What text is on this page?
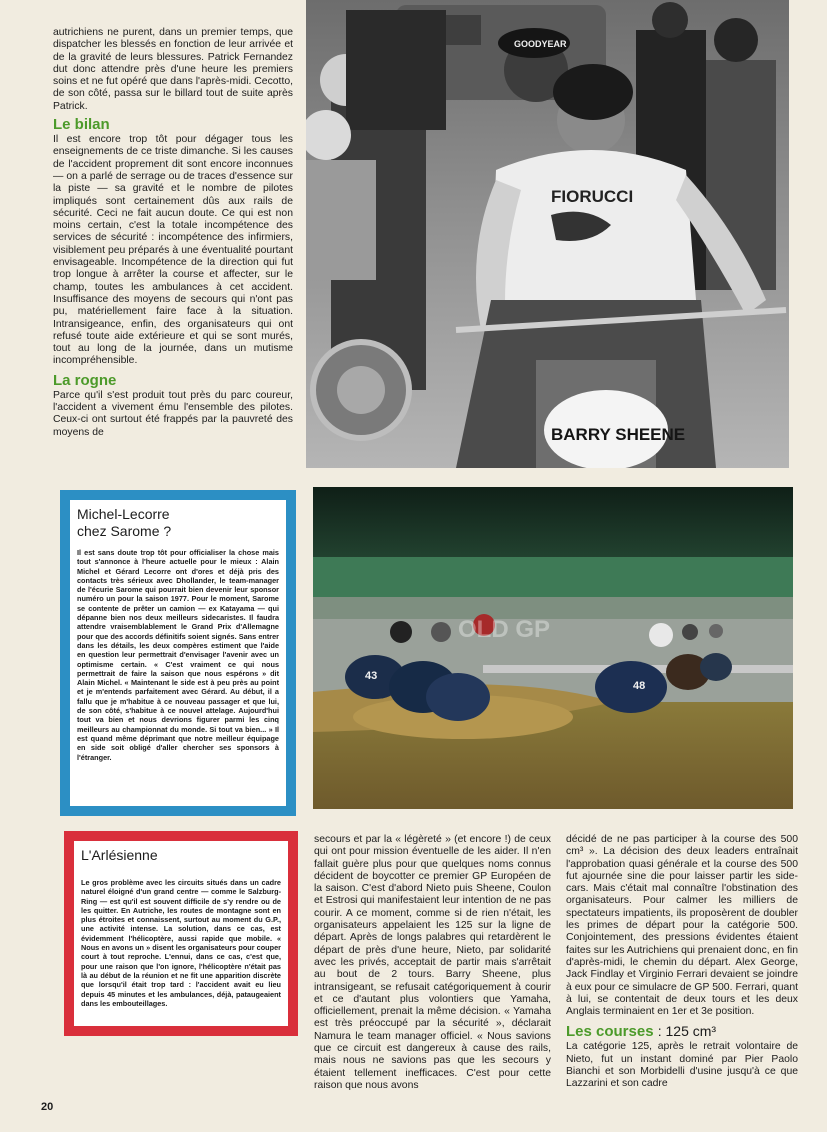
autrichiens ne purent, dans un premier temps, que dispatcher les blessés en fonction de leur arrivée et de la gravité de leurs blessures. Patrick Fernandez dut donc attendre près d'une heure les premiers soins et ne fut opéré que dans l'après-midi. Cecotto, de son côté, passa sur le billard tout de suite après Patrick.

Le bilan

Il est encore trop tôt pour dégager tous les enseignements de ce triste dimanche. Si les causes de l'accident proprement dit sont encore inconnues — on a parlé de serrage ou de traces d'essence sur la piste — sa gravité et le nombre de pilotes impliqués sont certainement dûs aux rails de sécurité. Ceci ne fait aucun doute. Ce qui est non moins certain, c'est la totale incompétence des services de sécurité : incompétence des infirmiers, visiblement peu préparés à une éventualité pourtant envisageable. Incompétence de la direction qui fut trop longue à arrêter la course et affecter, sur le champ, toutes les ambulances à cet accident. Insuffisance des moyens de secours qui n'ont pas pu, matériellement faire face à la situation. Intransigeance, enfin, des organisateurs qui ont refusé toute aide extérieure et qui se sont murés, tout au long de la journée, dans un mutisme incompréhensible.

La rogne

Parce qu'il s'est produit tout près du parc coureur, l'accident a vivement ému l'ensemble des pilotes. Ceux-ci ont surtout été frappés par la pauvreté des moyens de

GOODYEAR
FIORUCCI
BARRY SHEENE
Michel-Lecorre
chez Sarome ?

Il est sans doute trop tôt pour officialiser la chose mais tout s'annonce à l'heure actuelle pour le mieux : Alain Michel et Gérard Lecorre ont d'ores et déjà pris des contacts très sérieux avec Dhollander, le team-manager de l'écurie Sarome qui pourrait bien devenir leur sponsor numéro un pour la saison 1977. Pour le moment, Sarome se contente de prêter un camion — ex Katayama — qui dépanne bien nos deux meilleurs sidecaristes. Il faudra attendre vraisemblablement le Grand Prix d'Allemagne pour que des accords définitifs soient signés. Sans entrer dans les détails, les deux compères estiment que l'aide en question leur permettrait d'envisager l'avenir avec un optimisme certain. « C'est vraiment ce qui nous permettrait de faire la saison que nous espérons » dit Alain Michel. « Maintenant le side est à peu près au point et je m'entends parfaitement avec Gérard. Au début, il a fallu que je m'habitue à ce nouveau passager et que lui, de son côté, s'habitue à ce nouvel attelage. Aujourd'hui tout va bien et nous devrions figurer parmi les cinq meilleurs au championnat du monde. Si tout va bien... » Il est quand même déprimant que notre meilleur équipage en side soit obligé d'aller chercher ses sponsors à l'étranger.

L'Arlésienne

Le gros problème avec les circuits situés dans un cadre naturel éloigné d'un grand centre — comme le Salzburg-Ring — est qu'il est souvent difficile de s'y rendre ou de les quitter. En Autriche, les routes de montagne sont en plus étroites et connaissent, surtout au moment du G.P., une activité intense. La solution, dans ce cas, est évidemment l'hélicoptère, aussi rapide que mobile. « Nous en avons un » disent les organisateurs pour couper court à tout reproche. L'ennui, dans ce cas, c'est que, pour une raison que l'on ignore, l'hélicoptère n'était pas là au début de la réunion et ne fit une apparition discrète que lorsqu'il était trop tard : l'accident avait eu lieu depuis 45 minutes et les ambulances, déjà, pataugeaient dans les embouteillages.

43
48
OLD GP

secours et par la « légèreté » (et encore !) de ceux qui ont pour mission éventuelle de les aider. Il n'en fallait guère plus pour que quelques noms connus décident de boycotter ce premier GP Européen de la saison. C'est d'abord Nieto puis Sheene, Coulon et Estrosi qui manifestaient leur intention de ne pas courir. A ce moment, comme si de rien n'était, les organisateurs appelaient les 125 sur la ligne de départ. Après de longs palabres qui retardèrent le départ de près d'une heure, Nieto, par solidarité avec les privés, acceptait de partir mais s'arrêtait au bout de 2 tours. Barry Sheene, plus intransigeant, se refusait catégoriquement à courir et ce d'autant plus volontiers que Yamaha, officiellement, prenait la même décision. « Yamaha est très préoccupé par la sécurité », déclarait Namura le team manager officiel. « Nous savions que ce circuit est dangereux à cause des rails, mais nous ne savions pas que les secours y étaient tellement inefficaces. C'est pour cette raison que nous avons

décidé de ne pas participer à la course des 500 cm³ ». La décision des deux leaders entraînait l'approbation quasi générale et la course des 500 fut ajournée sine die pour laisser partir les side-cars. Mais c'était mal connaître l'obstination des organisateurs. Pour calmer les milliers de spectateurs impatients, ils proposèrent de doubler les primes de départ pour la catégorie 500. Conjointement, des pressions évidentes étaient faites sur les Autrichiens qui prenaient donc, en fin d'après-midi, le chemin du départ. Alex George, Jack Findlay et Virginio Ferrari devaient se joindre à eux pour ce simulacre de GP 500. Ferrari, quant à lui, se contentait de deux tours et les deux Anglais terminaient en 1er et 3e position.

Les courses : 125 cm³

La catégorie 125, après le retrait volontaire de Nieto, fut un instant dominé par Pier Paolo Bianchi et son Morbidelli d'usine jusqu'à ce que Lazzarini et son cadre

20
